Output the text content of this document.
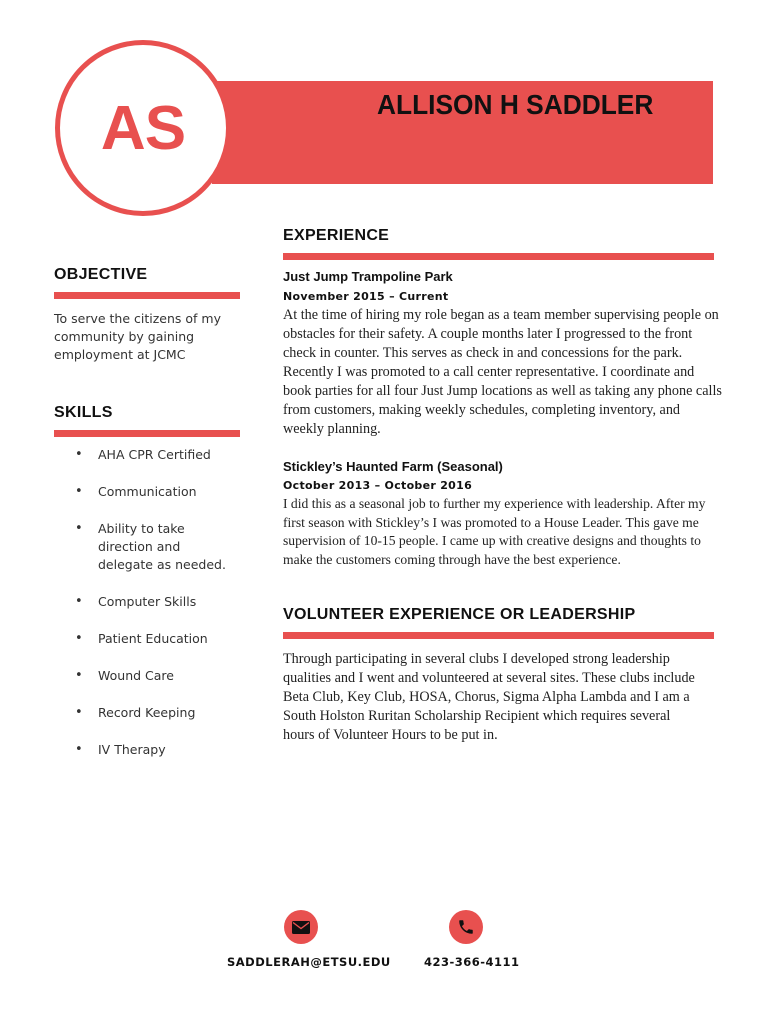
ALLISON H SADDLER
AS
OBJECTIVE
To serve the citizens of my community by gaining employment at JCMC
SKILLS
• AHA CPR Certified
• Communication
• Ability to take direction and delegate as needed.
• Computer Skills
• Patient Education
• Wound Care
• Record Keeping
• IV Therapy
EXPERIENCE
Just Jump Trampoline Park
November 2015 – Current
At the time of hiring my role began as a team member supervising people on obstacles for their safety. A couple months later I progressed to the front check in counter. This serves as check in and concessions for the park. Recently I was promoted to a call center representative. I coordinate and book parties for all four Just Jump locations as well as taking any phone calls from customers, making weekly schedules, completing inventory, and weekly planning.
Stickley’s Haunted Farm (Seasonal)
October 2013 – October 2016
I did this as a seasonal job to further my experience with leadership. After my first season with Stickley’s I was promoted to a House Leader. This gave me supervision of 10-15 people. I came up with creative designs and thoughts to make the customers coming through have the best experience.
VOLUNTEER EXPERIENCE OR LEADERSHIP
Through participating in several clubs I developed strong leadership qualities and I went and volunteered at several sites. These clubs include Beta Club, Key Club, HOSA, Chorus, Sigma Alpha Lambda and I am a South Holston Ruritan Scholarship Recipient which requires several hours of Volunteer Hours to be put in.
SADDLERAH@ETSU.EDU	423-366-4111
